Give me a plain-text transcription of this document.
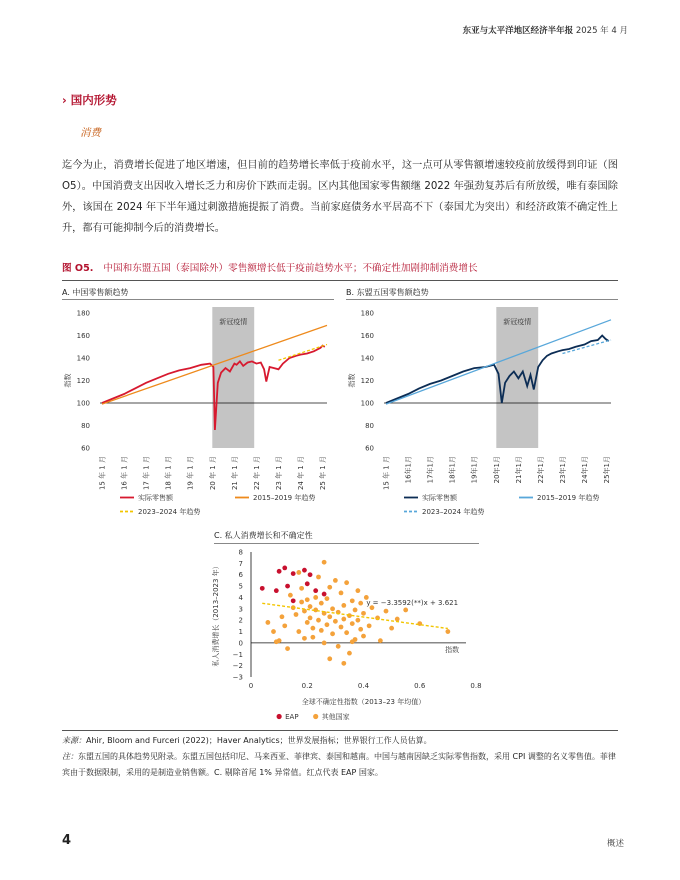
东亚与太平洋地区经济半年报 2025 年 4 月
› 国内形势
消费
迄今为止，消费增长促进了地区增速，但目前的趋势增长率低于疫前水平，这一点可从零售额增速较疫前放缓得到印证（图 O5）。中国消费支出因收入增长乏力和房价下跌而走弱。区内其他国家零售额继 2022 年强劲复苏后有所放缓，唯有泰国除外，该国在 2024 年下半年通过刺激措施提振了消费。当前家庭债务水平居高不下（泰国尤为突出）和经济政策不确定性上升，都有可能抑制今后的消费增长。
图 O5. 中国和东盟五国（泰国除外）零售额增长低于疫前趋势水平；不确定性加剧抑制消费增长
A. 中国零售额趋势
新冠疫情
60
80
100
120
140
160
180
指数
15 年 1 月 16 年 1 月 17 年 1 月 18 年 1 月 19 年 1 月 20 年 1 月 21 年 1 月 22 年 1 月 23 年 1 月 24 年 1 月 25 年 1 月
实际零售额	2015–2019 年趋势
2023–2024 年趋势
B. 东盟五国零售额趋势
新冠疫情
60
80
100
120
140
160
180
指数
15 年 1 月 16年1月 17年1月 18年1月 19年1月 20年1月 21年1月 22年1月 23年1月 24年1月 25年1月
实际零售额	2015–2019 年趋势
2023–2024 年趋势
C. 私人消费增长和不确定性
−3
−2
−1
0
1
2
3
4
5
6
7
8
0	0.2	0.4	0.6	0.8
全球不确定性指数（2013–23 年均值）
私人消费增长（2013–2023 年）	指数
y = −3.3592(**)x + 3.621
EAP	其他国家
来源：Ahir, Bloom and Furceri (2022)；Haver Analytics；世界发展指标；世界银行工作人员估算。
注：东盟五国的具体趋势见附录。东盟五国包括印尼、马来西亚、菲律宾、泰国和越南。中国与越南因缺乏实际零售指数，采用 CPI 调整的名义零售值。菲律宾由于数据限制，采用的是制造业销售额。C. 剔除首尾 1% 异常值。红点代表 EAP 国家。
4	概述
